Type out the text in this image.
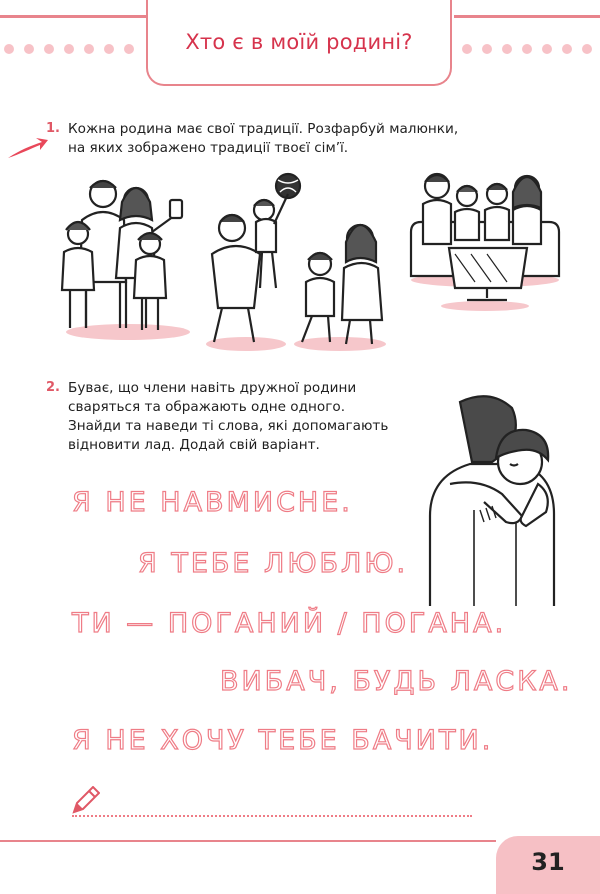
Хто є в моїй родині?
1. Кожна родина має свої традиції. Розфарбуй малюнки,
на яких зображено традиції твоєї сім’ї.
2. Буває, що члени навіть дружної родини
сваряться та ображають одне одного.
Знайди та наведи ті слова, які допомагають
відновити лад. Додай свій варіант.
Я НЕ НАВМИСНЕ.
Я ТЕБЕ ЛЮБЛЮ.
ТИ — ПОГАНИЙ / ПОГАНА.
ВИБАЧ, БУДЬ ЛАСКА.
Я НЕ ХОЧУ ТЕБЕ БАЧИТИ.
31
